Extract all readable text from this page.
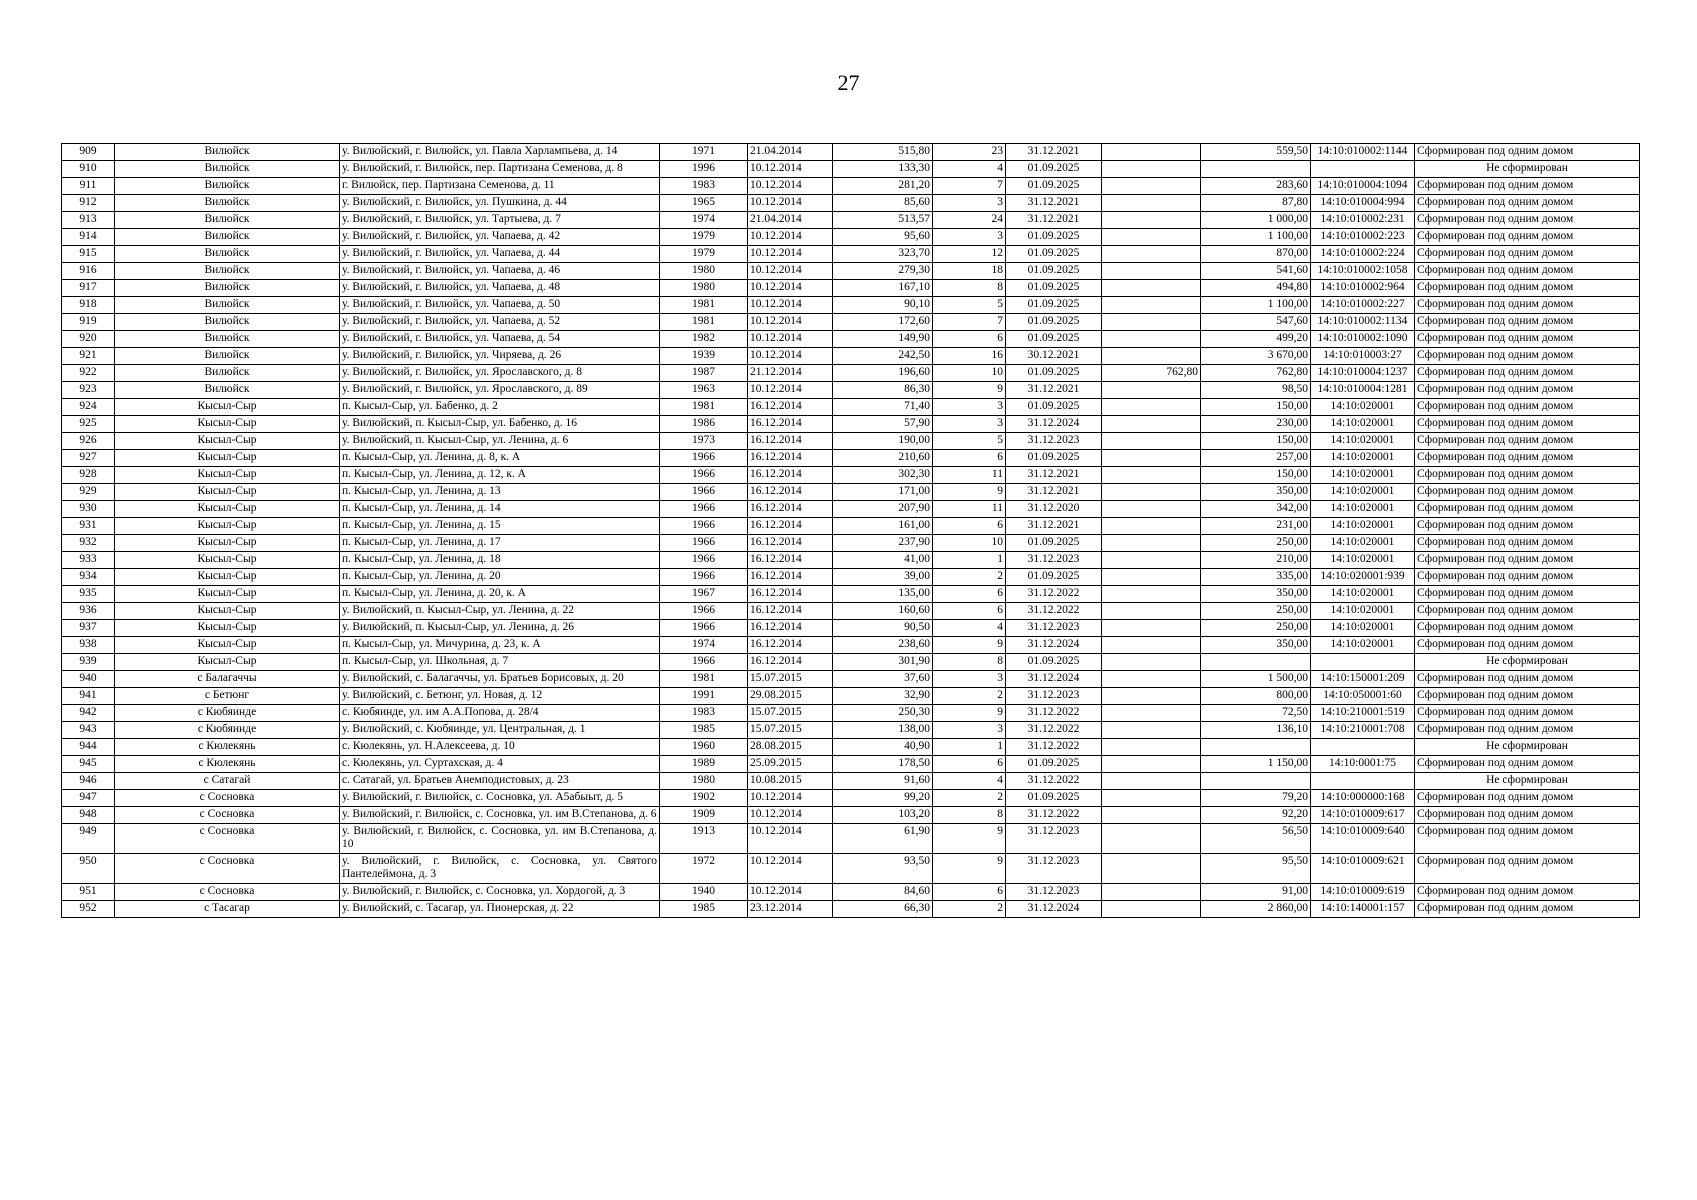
27
909	Вилюйск	у. Вилюйский, г. Вилюйск, ул. Павла Харлампьева, д. 14	1971	21.04.2014	515,80	23	31.12.2021		559,50	14:10:010002:1144	Сформирован под одним домом
910	Вилюйск	у. Вилюйский, г. Вилюйск, пер. Партизана Семенова, д. 8	1996	10.12.2014	133,30	4	01.09.2025				Не сформирован
911	Вилюйск	г. Вилюйск, пер. Партизана Семенова, д. 11	1983	10.12.2014	281,20	7	01.09.2025		283,60	14:10:010004:1094	Сформирован под одним домом
912	Вилюйск	у. Вилюйский, г. Вилюйск, ул. Пушкина, д. 44	1965	10.12.2014	85,60	3	31.12.2021		87,80	14:10:010004:994	Сформирован под одним домом
913	Вилюйск	у. Вилюйский, г. Вилюйск, ул. Тартыева, д. 7	1974	21.04.2014	513,57	24	31.12.2021		1 000,00	14:10:010002:231	Сформирован под одним домом
914	Вилюйск	у. Вилюйский, г. Вилюйск, ул. Чапаева, д. 42	1979	10.12.2014	95,60	3	01.09.2025		1 100,00	14:10:010002:223	Сформирован под одним домом
915	Вилюйск	у. Вилюйский, г. Вилюйск, ул. Чапаева, д. 44	1979	10.12.2014	323,70	12	01.09.2025		870,00	14:10:010002:224	Сформирован под одним домом
916	Вилюйск	у. Вилюйский, г. Вилюйск, ул. Чапаева, д. 46	1980	10.12.2014	279,30	18	01.09.2025		541,60	14:10:010002:1058	Сформирован под одним домом
917	Вилюйск	у. Вилюйский, г. Вилюйск, ул. Чапаева, д. 48	1980	10.12.2014	167,10	8	01.09.2025		494,80	14:10:010002:964	Сформирован под одним домом
918	Вилюйск	у. Вилюйский, г. Вилюйск, ул. Чапаева, д. 50	1981	10.12.2014	90,10	5	01.09.2025		1 100,00	14:10:010002:227	Сформирован под одним домом
919	Вилюйск	у. Вилюйский, г. Вилюйск, ул. Чапаева, д. 52	1981	10.12.2014	172,60	7	01.09.2025		547,60	14:10:010002:1134	Сформирован под одним домом
920	Вилюйск	у. Вилюйский, г. Вилюйск, ул. Чапаева, д. 54	1982	10.12.2014	149,90	6	01.09.2025		499,20	14:10:010002:1090	Сформирован под одним домом
921	Вилюйск	у. Вилюйский, г. Вилюйск, ул. Чиряева, д. 26	1939	10.12.2014	242,50	16	30.12.2021		3 670,00	14:10:010003:27	Сформирован под одним домом
922	Вилюйск	у. Вилюйский, г. Вилюйск, ул. Ярославского, д. 8	1987	21.12.2014	196,60	10	01.09.2025	762,80	762,80	14:10:010004:1237	Сформирован под одним домом
923	Вилюйск	у. Вилюйский, г. Вилюйск, ул. Ярославского, д. 89	1963	10.12.2014	86,30	9	31.12.2021		98,50	14:10:010004:1281	Сформирован под одним домом
924	Кысыл-Сыр	п. Кысыл-Сыр, ул. Бабенко, д. 2	1981	16.12.2014	71,40	3	01.09.2025		150,00	14:10:020001	Сформирован под одним домом
925	Кысыл-Сыр	у. Вилюйский, п. Кысыл-Сыр, ул. Бабенко, д. 16	1986	16.12.2014	57,90	3	31.12.2024		230,00	14:10:020001	Сформирован под одним домом
926	Кысыл-Сыр	у. Вилюйский, п. Кысыл-Сыр, ул. Ленина, д. 6	1973	16.12.2014	190,00	5	31.12.2023		150,00	14:10:020001	Сформирован под одним домом
927	Кысыл-Сыр	п. Кысыл-Сыр, ул. Ленина, д. 8, к. А	1966	16.12.2014	210,60	6	01.09.2025		257,00	14:10:020001	Сформирован под одним домом
928	Кысыл-Сыр	п. Кысыл-Сыр, ул. Ленина, д. 12, к. А	1966	16.12.2014	302,30	11	31.12.2021		150,00	14:10:020001	Сформирован под одним домом
929	Кысыл-Сыр	п. Кысыл-Сыр, ул. Ленина, д. 13	1966	16.12.2014	171,00	9	31.12.2021		350,00	14:10:020001	Сформирован под одним домом
930	Кысыл-Сыр	п. Кысыл-Сыр, ул. Ленина, д. 14	1966	16.12.2014	207,90	11	31.12.2020		342,00	14:10:020001	Сформирован под одним домом
931	Кысыл-Сыр	п. Кысыл-Сыр, ул. Ленина, д. 15	1966	16.12.2014	161,00	6	31.12.2021		231,00	14:10:020001	Сформирован под одним домом
932	Кысыл-Сыр	п. Кысыл-Сыр, ул. Ленина, д. 17	1966	16.12.2014	237,90	10	01.09.2025		250,00	14:10:020001	Сформирован под одним домом
933	Кысыл-Сыр	п. Кысыл-Сыр, ул. Ленина, д. 18	1966	16.12.2014	41,00	1	31.12.2023		210,00	14:10:020001	Сформирован под одним домом
934	Кысыл-Сыр	п. Кысыл-Сыр, ул. Ленина, д. 20	1966	16.12.2014	39,00	2	01.09.2025		335,00	14:10:020001:939	Сформирован под одним домом
935	Кысыл-Сыр	п. Кысыл-Сыр, ул. Ленина, д. 20, к. А	1967	16.12.2014	135,00	6	31.12.2022		350,00	14:10:020001	Сформирован под одним домом
936	Кысыл-Сыр	у. Вилюйский, п. Кысыл-Сыр, ул. Ленина, д. 22	1966	16.12.2014	160,60	6	31.12.2022		250,00	14:10:020001	Сформирован под одним домом
937	Кысыл-Сыр	у. Вилюйский, п. Кысыл-Сыр, ул. Ленина, д. 26	1966	16.12.2014	90,50	4	31.12.2023		250,00	14:10:020001	Сформирован под одним домом
938	Кысыл-Сыр	п. Кысыл-Сыр, ул. Мичурина, д. 23, к. А	1974	16.12.2014	238,60	9	31.12.2024		350,00	14:10:020001	Сформирован под одним домом
939	Кысыл-Сыр	п. Кысыл-Сыр, ул. Школьная, д. 7	1966	16.12.2014	301,90	8	01.09.2025				Не сформирован
940	с Балагаччы	у. Вилюйский, с. Балагаччы, ул. Братьев Борисовых, д. 20	1981	15.07.2015	37,60	3	31.12.2024		1 500,00	14:10:150001:209	Сформирован под одним домом
941	с Бетюнг	у. Вилюйский, с. Бетюнг, ул. Новая, д. 12	1991	29.08.2015	32,90	2	31.12.2023		800,00	14:10:050001:60	Сформирован под одним домом
942	с Кюбяинде	с. Кюбяинде, ул. им А.А.Попова, д. 28/4	1983	15.07.2015	250,30	9	31.12.2022		72,50	14:10:210001:519	Сформирован под одним домом
943	с Кюбяинде	у. Вилюйский, с. Кюбяинде, ул. Центральная, д. 1	1985	15.07.2015	138,00	3	31.12.2022		136,10	14:10:210001:708	Сформирован под одним домом
944	с Кюлекянь	с. Кюлекянь, ул. Н.Алексеева, д. 10	1960	28.08.2015	40,90	1	31.12.2022				Не сформирован
945	с Кюлекянь	с. Кюлекянь, ул. Суртахская, д. 4	1989	25.09.2015	178,50	6	01.09.2025		1 150,00	14:10:0001:75	Сформирован под одним домом
946	с Сатагай	с. Сатагай, ул. Братьев Анемподистовых, д. 23	1980	10.08.2015	91,60	4	31.12.2022				Не сформирован
947	с Сосновка	у. Вилюйский, г. Вилюйск, с. Сосновка, ул. А5абыыт, д. 5	1902	10.12.2014	99,20	2	01.09.2025		79,20	14:10:000000:168	Сформирован под одним домом
948	с Сосновка	у. Вилюйский, г. Вилюйск, с. Сосновка, ул. им В.Степанова, д. 6	1909	10.12.2014	103,20	8	31.12.2022		92,20	14:10:010009:617	Сформирован под одним домом
949	с Сосновка	у. Вилюйский, г. Вилюйск, с. Сосновка, ул. им В.Степанова, д. 10	1913	10.12.2014	61,90	9	31.12.2023		56,50	14:10:010009:640	Сформирован под одним домом
950	с Сосновка	у. Вилюйский, г. Вилюйск, с. Сосновка, ул. Святого Пантелеймона, д. 3	1972	10.12.2014	93,50	9	31.12.2023		95,50	14:10:010009:621	Сформирован под одним домом
951	с Сосновка	у. Вилюйский, г. Вилюйск, с. Сосновка, ул. Хордогой, д. 3	1940	10.12.2014	84,60	6	31.12.2023		91,00	14:10:010009:619	Сформирован под одним домом
952	с Тасагар	у. Вилюйский, с. Тасагар, ул. Пионерская, д. 22	1985	23.12.2014	66,30	2	31.12.2024		2 860,00	14:10:140001:157	Сформирован под одним домом
